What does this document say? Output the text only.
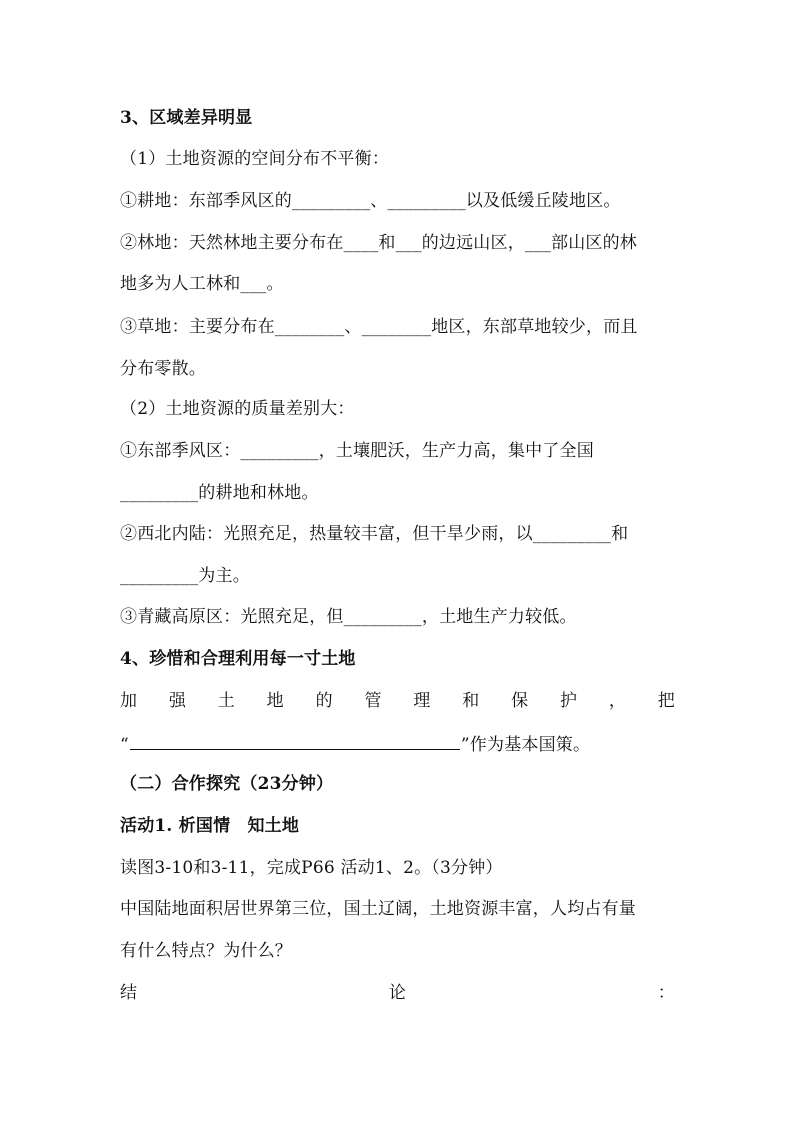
3、区域差异明显
（1）土地资源的空间分布不平衡：
①耕地：东部季风区的_________、_________以及低缓丘陵地区。
②林地：天然林地主要分布在____和___的边远山区，___部山区的林
地多为人工林和___。
③草地：主要分布在________、________地区，东部草地较少，而且
分布零散。
（2）土地资源的质量差别大：
①东部季风区：_________，土壤肥沃，生产力高，集中了全国
_________的耕地和林地。
②西北内陆：光照充足，热量较丰富，但干旱少雨，以_________和
_________为主。
③青藏高原区：光照充足，但_________，土地生产力较低。
4、珍惜和合理利用每一寸土地
加 强 土 地 的 管 理 和 保 护 ， 把
“	”作为基本国策。
（二）合作探究（23分钟）
活动1. 析国情　知土地
读图3-10和3-11，完成P66 活动1、2。（3分钟）
中国陆地面积居世界第三位，国土辽阔，土地资源丰富，人均占有量
有什么特点？为什么？
结	论	：
